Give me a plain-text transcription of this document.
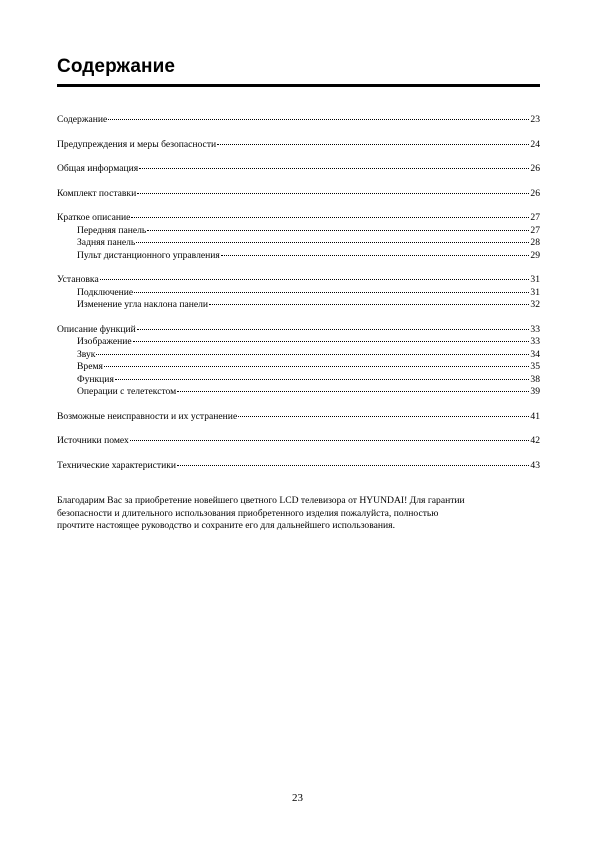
Содержание
Содержание	23
Предупреждения и меры безопасности	24
Общая информация	26
Комплект поставки	26
Краткое описание	27
Передняя панель	27
Задняя панель	28
Пульт дистанционного управления	29
Установка	31
Подключение	31
Изменение угла наклона панели	32
Описание функций	33
Изображение	33
Звук	34
Время	35
Функция	38
Операции с телетекстом	39
Возможные неисправности и их устранение	41
Источники помех	42
Технические характеристики	43
Благодарим Вас за приобретение новейшего цветного LCD телевизора от HYUNDAI! Для гарантии
безопасности и длительного использования приобретенного изделия пожалуйста, полностью
прочтите настоящее руководство и сохраните его для дальнейшего использования.
23
